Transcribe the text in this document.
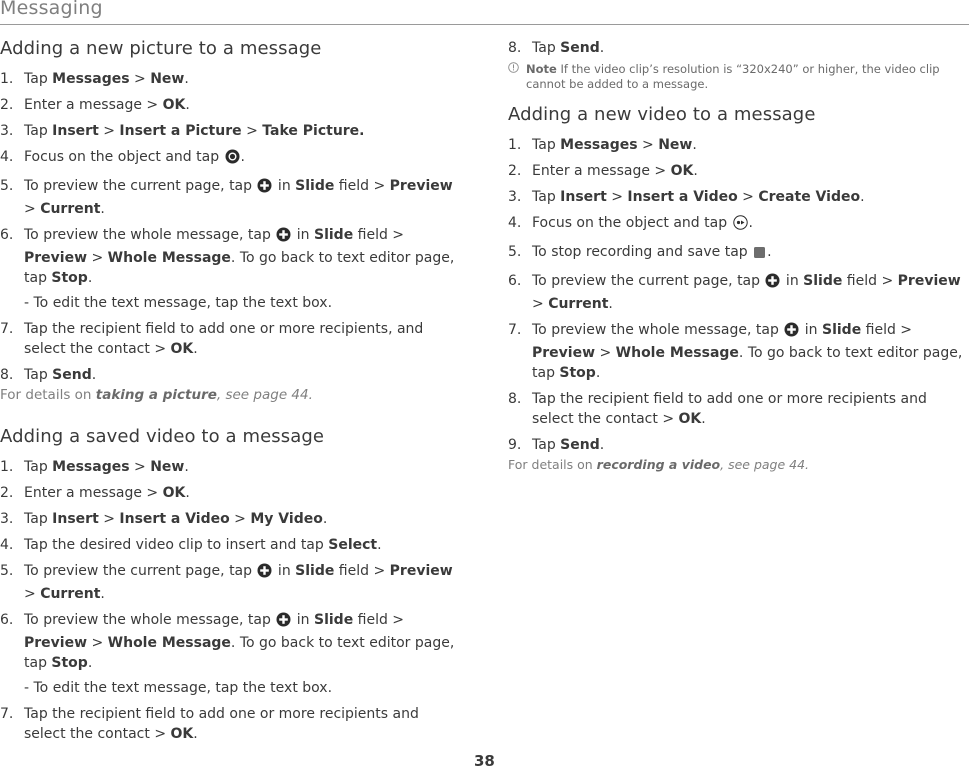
Messaging
Adding a new picture to a message
1. Tap Messages > New.
2. Enter a message > OK.
3. Tap Insert > Insert a Picture > Take Picture.
4. Focus on the object and tap .
5. To preview the current page, tap  in Slide field > Preview > Current.
6. To preview the whole message, tap  in Slide field > Preview > Whole Message. To go back to text editor page, tap Stop.
- To edit the text message, tap the text box.
7. Tap the recipient field to add one or more recipients, and select the contact > OK.
8. Tap Send.
For details on taking a picture, see page 44.
Adding a saved video to a message
1. Tap Messages > New.
2. Enter a message > OK.
3. Tap Insert > Insert a Video > My Video.
4. Tap the desired video clip to insert and tap Select.
5. To preview the current page, tap  in Slide field > Preview > Current.
6. To preview the whole message, tap  in Slide field > Preview > Whole Message. To go back to text editor page, tap Stop.
- To edit the text message, tap the text box.
7. Tap the recipient field to add one or more recipients and select the contact > OK.
8. Tap Send.
Note If the video clip’s resolution is “320x240” or higher, the video clip cannot be added to a message.
Adding a new video to a message
1. Tap Messages > New.
2. Enter a message > OK.
3. Tap Insert > Insert a Video > Create Video.
4. Focus on the object and tap .
5. To stop recording and save tap .
6. To preview the current page, tap  in Slide field > Preview > Current.
7. To preview the whole message, tap  in Slide field > Preview > Whole Message. To go back to text editor page, tap Stop.
8. Tap the recipient field to add one or more recipients and select the contact > OK.
9. Tap Send.
For details on recording a video, see page 44.
38
